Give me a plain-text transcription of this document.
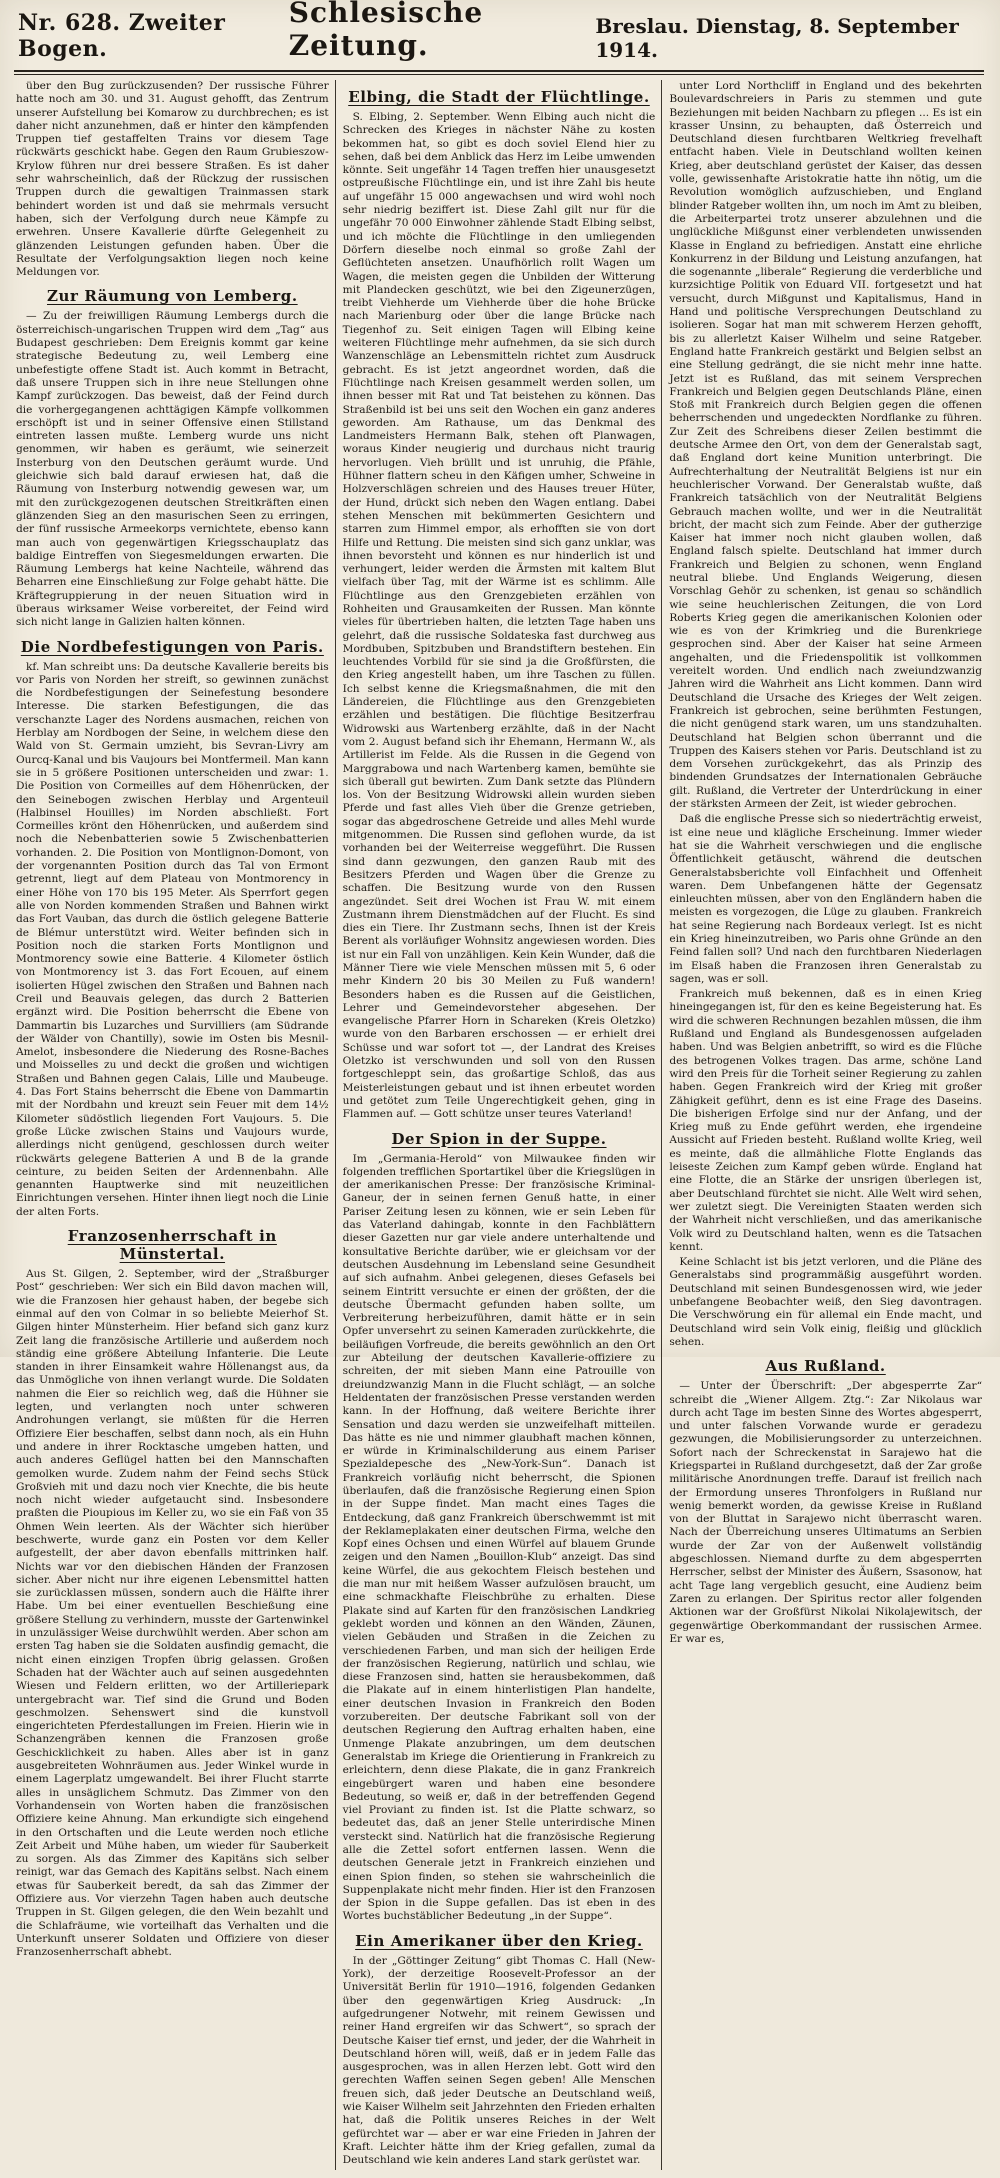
Nr. 628. Zweiter Bogen.
Schlesische Zeitung.
Breslau. Dienstag, 8. September 1914.

über den Bug zurückzusenden? Der russische Führer hatte noch am 30. und 31. August gehofft, das Zentrum unserer Aufstellung bei Komarow zu durchbrechen; es ist daher nicht anzunehmen, daß er hinter den kämpfenden Truppen tief gestaffelten Trains vor diesem Tage rückwärts geschickt habe. Gegen den Raum Grubieszow-Krylow führen nur drei bessere Straßen. Es ist daher sehr wahrscheinlich, daß der Rückzug der russischen Truppen durch die gewaltigen Trainmassen stark behindert worden ist und daß sie mehrmals versucht haben, sich der Verfolgung durch neue Kämpfe zu erwehren. Unsere Kavallerie dürfte Gelegenheit zu glänzenden Leistungen gefunden haben. Über die Resultate der Verfolgungsaktion liegen noch keine Meldungen vor.

Zur Räumung von Lemberg.

— Zu der freiwilligen Räumung Lembergs durch die österreichisch-ungarischen Truppen wird dem „Tag“ aus Budapest geschrieben: Dem Ereignis kommt gar keine strategische Bedeutung zu, weil Lemberg eine unbefestigte offene Stadt ist. Auch kommt in Betracht, daß unsere Truppen sich in ihre neue Stellungen ohne Kampf zurückzogen. Das beweist, daß der Feind durch die vorhergegangenen achttägigen Kämpfe vollkommen erschöpft ist und in seiner Offensive einen Stillstand eintreten lassen mußte. Lemberg wurde uns nicht genommen, wir haben es geräumt, wie seinerzeit Insterburg von den Deutschen geräumt wurde. Und gleichwie sich bald darauf erwiesen hat, daß die Räumung von Insterburg notwendig gewesen war, um mit den zurückgezogenen deutschen Streitkräften einen glänzenden Sieg an den masurischen Seen zu erringen, der fünf russische Armeekorps vernichtete, ebenso kann man auch von gegenwärtigen Kriegsschauplatz das baldige Eintreffen von Siegesmeldungen erwarten. Die Räumung Lembergs hat keine Nachteile, während das Beharren eine Einschließung zur Folge gehabt hätte. Die Kräftegruppierung in der neuen Situation wird in überaus wirksamer Weise vorbereitet, der Feind wird sich nicht lange in Galizien halten können.

Die Nordbefestigungen von Paris.

kf. Man schreibt uns: Da deutsche Kavallerie bereits bis vor Paris von Norden her streift, so gewinnen zunächst die Nordbefestigungen der Seinefestung besondere Interesse. Die starken Befestigungen, die das verschanzte Lager des Nordens ausmachen, reichen von Herblay am Nordbogen der Seine, in welchem diese den Wald von St. Germain umzieht, bis Sevran-Livry am Ourcq-Kanal und bis Vaujours bei Montfermeil. Man kann sie in 5 größere Positionen unterscheiden und zwar: 1. Die Position von Cormeilles auf dem Höhenrücken, der den Seinebogen zwischen Herblay und Argenteuil (Halbinsel Houilles) im Norden abschließt. Fort Cormeilles krönt den Höhenrücken, und außerdem sind noch die Nebenbatterien sowie 5 Zwischenbatterien vorhanden. 2. Die Position von Montlignon-Domont, von der vorgenannten Position durch das Tal von Ermont getrennt, liegt auf dem Plateau von Montmorency in einer Höhe von 170 bis 195 Meter. Als Sperrfort gegen alle von Norden kommenden Straßen und Bahnen wirkt das Fort Vauban, das durch die östlich gelegene Batterie de Blémur unterstützt wird. Weiter befinden sich in Position noch die starken Forts Montlignon und Montmorency sowie eine Batterie. 4 Kilometer östlich von Montmorency ist 3. das Fort Ecouen, auf einem isolierten Hügel zwischen den Straßen und Bahnen nach Creil und Beauvais gelegen, das durch 2 Batterien ergänzt wird. Die Position beherrscht die Ebene von Dammartin bis Luzarches und Survilliers (am Südrande der Wälder von Chantilly), sowie im Osten bis Mesnil-Amelot, insbesondere die Niederung des Rosne-Baches und Moisselles zu und deckt die großen und wichtigen Straßen und Bahnen gegen Calais, Lille und Maubeuge. 4. Das Fort Stains beherrscht die Ebene von Dammartin mit der Nordbahn und kreuzt sein Feuer mit dem 14½ Kilometer südöstlich liegenden Fort Vaujours. 5. Die große Lücke zwischen Stains und Vaujours wurde, allerdings nicht genügend, geschlossen durch weiter rückwärts gelegene Batterien A und B de la grande ceinture, zu beiden Seiten der Ardennenbahn. Alle genannten Hauptwerke sind mit neuzeitlichen Einrichtungen versehen. Hinter ihnen liegt noch die Linie der alten Forts.

Franzosenherrschaft in Münstertal.

Aus St. Gilgen, 2. September, wird der „Straßburger Post“ geschrieben: Wer sich ein Bild davon machen will, wie die Franzosen hier gehaust haben, der begebe sich einmal auf den von Colmar in so beliebte Meierhof St. Gilgen hinter Münsterheim. Hier befand sich ganz kurz Zeit lang die französische Artillerie und außerdem noch ständig eine größere Abteilung Infanterie. Die Leute standen in ihrer Einsamkeit wahre Höllenangst aus, da das Unmögliche von ihnen verlangt wurde. Die Soldaten nahmen die Eier so reichlich weg, daß die Hühner sie legten, und verlangten noch unter schweren Androhungen verlangt, sie müßten für die Herren Offiziere Eier beschaffen, selbst dann noch, als ein Huhn und andere in ihrer Rocktasche umgeben hatten, und auch anderes Geflügel hatten bei den Mannschaften gemolken wurde. Zudem nahm der Feind sechs Stück Großvieh mit und dazu noch vier Knechte, die bis heute noch nicht wieder aufgetaucht sind. Insbesondere praßten die Pioupious im Keller zu, wo sie ein Faß von 35 Ohmen Wein leerten. Als der Wächter sich hierüber beschwerte, wurde ganz ein Posten vor dem Keller aufgestellt, der aber davon ebenfalls mittrinken half. Nichts war vor den diebischen Händen der Franzosen sicher. Aber nicht nur ihre eigenen Lebensmittel hatten sie zurücklassen müssen, sondern auch die Hälfte ihrer Habe. Um bei einer eventuellen Beschießung eine größere Stellung zu verhindern, musste der Gartenwinkel in unzulässiger Weise durchwühlt werden. Aber schon am ersten Tag haben sie die Soldaten ausfindig gemacht, die nicht einen einzigen Tropfen übrig gelassen. Großen Schaden hat der Wächter auch auf seinen ausgedehnten Wiesen und Feldern erlitten, wo der Artilleriepark untergebracht war. Tief sind die Grund und Boden geschmolzen. Sehenswert sind die kunstvoll eingerichteten Pferdestallungen im Freien. Hierin wie in Schanzengräben kennen die Franzosen große Geschicklichkeit zu haben. Alles aber ist in ganz ausgebreiteten Wohnräumen aus. Jeder Winkel wurde in einem Lagerplatz umgewandelt. Bei ihrer Flucht starrte alles in unsäglichem Schmutz. Das Zimmer von den Vorhandensein von Worten haben die französischen Offiziere keine Ahnung. Man erkundigte sich eingehend in den Ortschaften und die Leute werden noch etliche Zeit Arbeit und Mühe haben, um wieder für Sauberkeit zu sorgen. Als das Zimmer des Kapitäns sich selber reinigt, war das Gemach des Kapitäns selbst. Nach einem etwas für Sauberkeit beredt, da sah das Zimmer der Offiziere aus. Vor vierzehn Tagen haben auch deutsche Truppen in St. Gilgen gelegen, die den Wein bezahlt und die Schlafräume, wie vorteilhaft das Verhalten und die Unterkunft unserer Soldaten und Offiziere von dieser Franzosenherrschaft abhebt.

Elbing, die Stadt der Flüchtlinge.

S. Elbing, 2. September. Wenn Elbing auch nicht die Schrecken des Krieges in nächster Nähe zu kosten bekommen hat, so gibt es doch soviel Elend hier zu sehen, daß bei dem Anblick das Herz im Leibe umwenden könnte. Seit ungefähr 14 Tagen treffen hier unausgesetzt ostpreußische Flüchtlinge ein, und ist ihre Zahl bis heute auf ungefähr 15 000 angewachsen und wird wohl noch sehr niedrig beziffert ist. Diese Zahl gilt nur für die ungefähr 70 000 Einwohner zählende Stadt Elbing selbst, und ich möchte die Flüchtlinge in den umliegenden Dörfern dieselbe noch einmal so große Zahl der Geflüchteten ansetzen. Unaufhörlich rollt Wagen um Wagen, die meisten gegen die Unbilden der Witterung mit Plandecken geschützt, wie bei den Zigeunerzügen, treibt Viehherde um Viehherde über die hohe Brücke nach Marienburg oder über die lange Brücke nach Tiegenhof zu. Seit einigen Tagen will Elbing keine weiteren Flüchtlinge mehr aufnehmen, da sie sich durch Wanzenschläge an Lebensmitteln richtet zum Ausdruck gebracht. Es ist jetzt angeordnet worden, daß die Flüchtlinge nach Kreisen gesammelt werden sollen, um ihnen besser mit Rat und Tat beistehen zu können. Das Straßenbild ist bei uns seit den Wochen ein ganz anderes geworden. Am Rathause, um das Denkmal des Landmeisters Hermann Balk, stehen oft Planwagen, woraus Kinder neugierig und durchaus nicht traurig hervorlugen. Vieh brüllt und ist unruhig, die Pfähle, Hühner flattern scheu in den Käfigen umher, Schweine in Holzverschlägen schreien und des Hauses treuer Hüter, der Hund, drückt sich neben den Wagen entlang. Dabei stehen Menschen mit bekümmerten Gesichtern und starren zum Himmel empor, als erhofften sie von dort Hilfe und Rettung. Die meisten sind sich ganz unklar, was ihnen bevorsteht und können es nur hinderlich ist und verhungert, leider werden die Ärmsten mit kaltem Blut vielfach über Tag, mit der Wärme ist es schlimm. Alle Flüchtlinge aus den Grenzgebieten erzählen von Rohheiten und Grausamkeiten der Russen. Man könnte vieles für übertrieben halten, die letzten Tage haben uns gelehrt, daß die russische Soldateska fast durchweg aus Mordbuben, Spitzbuben und Brandstiftern bestehen. Ein leuchtendes Vorbild für sie sind ja die Großfürsten, die den Krieg angestellt haben, um ihre Taschen zu füllen. Ich selbst kenne die Kriegsmaßnahmen, die mit den Ländereien, die Flüchtlinge aus den Grenzgebieten erzählen und bestätigen. Die flüchtige Besitzerfrau Widrowski aus Wartenberg erzählte, daß in der Nacht vom 2. August befand sich ihr Ehemann, Hermann W., als Artillerist im Felde. Als die Russen in die Gegend von Marggrabowa und nach Wartenberg kamen, bemühte sie sich überall gut bewirten. Zum Dank setzte das Plündern los. Von der Besitzung Widrowski allein wurden sieben Pferde und fast alles Vieh über die Grenze getrieben, sogar das abgedroschene Getreide und alles Mehl wurde mitgenommen. Die Russen sind geflohen wurde, da ist vorhanden bei der Weiterreise weggeführt. Die Russen sind dann gezwungen, den ganzen Raub mit des Besitzers Pferden und Wagen über die Grenze zu schaffen. Die Besitzung wurde von den Russen angezündet. Seit drei Wochen ist Frau W. mit einem Zustmann ihrem Dienstmädchen auf der Flucht. Es sind dies ein Tiere. Ihr Zustmann sechs, Ihnen ist der Kreis Berent als vorläufiger Wohnsitz angewiesen worden. Dies ist nur ein Fall von unzähligen. Kein Kein Wunder, daß die Männer Tiere wie viele Menschen müssen mit 5, 6 oder mehr Kindern 20 bis 30 Meilen zu Fuß wandern! Besonders haben es die Russen auf die Geistlichen, Lehrer und Gemeindevorsteher abgesehen. Der evangelische Pfarrer Horn in Schareken (Kreis Oletzko) wurde von den Barbaren erschossen — er erhielt drei Schüsse und war sofort tot —, der Landrat des Kreises Oletzko ist verschwunden und soll von den Russen fortgeschleppt sein, das großartige Schloß, das aus Meisterleistungen gebaut und ist ihnen erbeutet worden und getötet zum Teile Ungerechtigkeit gehen, ging in Flammen auf. — Gott schütze unser teures Vaterland!

Der Spion in der Suppe.

Im „Germania-Herold“ von Milwaukee finden wir folgenden trefflichen Sportartikel über die Kriegslügen in der amerikanischen Presse: Der französische Kriminal-Ganeur, der in seinen fernen Genuß hatte, in einer Pariser Zeitung lesen zu können, wie er sein Leben für das Vaterland dahingab, konnte in den Fachblättern dieser Gazetten nur gar viele andere unterhaltende und konsultative Berichte darüber, wie er gleichsam vor der deutschen Ausdehnung im Lebensland seine Gesundheit auf sich aufnahm. Anbei gelegenen, dieses Gefasels bei seinem Eintritt versuchte er einen der größten, der die deutsche Übermacht gefunden haben sollte, um Verbreiterung herbeizuführen, damit hätte er in sein Opfer unversehrt zu seinen Kameraden zurückkehrte, die beiläufigen Vorfreude, die bereits gewöhnlich an den Ort zur Abteilung der deutschen Kavallerie-offiziere zu schreiten, der mit sieben Mann eine Patrouille von dreiundzwanzig Mann in die Flucht schlägt, — an solche Heldentaten der französischen Presse verstanden werden kann. In der Hoffnung, daß weitere Berichte ihrer Sensation und dazu werden sie unzweifelhaft mitteilen. Das hätte es nie und nimmer glaubhaft machen können, er würde in Kriminalschilderung aus einem Pariser Spezialdepesche des „New-York-Sun“. Danach ist Frankreich vorläufig nicht beherrscht, die Spionen überlaufen, daß die französische Regierung einen Spion in der Suppe findet. Man macht eines Tages die Entdeckung, daß ganz Frankreich überschwemmt ist mit der Reklameplakaten einer deutschen Firma, welche den Kopf eines Ochsen und einen Würfel auf blauem Grunde zeigen und den Namen „Bouillon-Klub“ anzeigt. Das sind keine Würfel, die aus gekochtem Fleisch bestehen und die man nur mit heißem Wasser aufzulösen braucht, um eine schmackhafte Fleischbrühe zu erhalten. Diese Plakate sind auf Karten für den französischen Landkrieg geklebt worden und können an den Wänden, Zäunen, vielen Gebäuden und Straßen in die Zeichen zu verschiedenen Farben, und man sich der heiligen Erde der französischen Regierung, natürlich und schlau, wie diese Franzosen sind, hatten sie herausbekommen, daß die Plakate auf in einem hinterlistigen Plan handelte, einer deutschen Invasion in Frankreich den Boden vorzubereiten. Der deutsche Fabrikant soll von der deutschen Regierung den Auftrag erhalten haben, eine Unmenge Plakate anzubringen, um dem deutschen Generalstab im Kriege die Orientierung in Frankreich zu erleichtern, denn diese Plakate, die in ganz Frankreich eingebürgert waren und haben eine besondere Bedeutung, so weiß er, daß in der betreffenden Gegend viel Proviant zu finden ist. Ist die Platte schwarz, so bedeutet das, daß an jener Stelle unterirdische Minen versteckt sind. Natürlich hat die französische Regierung alle die Zettel sofort entfernen lassen. Wenn die deutschen Generale jetzt in Frankreich einziehen und einen Spion finden, so stehen sie wahrscheinlich die Suppenplakate nicht mehr finden. Hier ist den Franzosen der Spion in die Suppe gefallen. Das ist eben in des Wortes buchstäblicher Bedeutung „in der Suppe“.

Ein Amerikaner über den Krieg.

In der „Göttinger Zeitung“ gibt Thomas C. Hall (New-York), der derzeitige Roosevelt-Professor an der Universität Berlin für 1910—1916, folgenden Gedanken über den gegenwärtigen Krieg Ausdruck: „In aufgedrungener Notwehr, mit reinem Gewissen und reiner Hand ergreifen wir das Schwert“, so sprach der Deutsche Kaiser tief ernst, und jeder, der die Wahrheit in Deutschland hören will, weiß, daß er in jedem Falle das ausgesprochen, was in allen Herzen lebt. Gott wird den gerechten Waffen seinen Segen geben! Alle Menschen freuen sich, daß jeder Deutsche an Deutschland weiß, wie Kaiser Wilhelm seit Jahrzehnten den Frieden erhalten hat, daß die Politik unseres Reiches in der Welt gefürchtet war — aber er war eine Frieden in Jahren der Kraft. Leichter hätte ihm der Krieg gefallen, zumal da Deutschland wie kein anderes Land stark gerüstet war.

unter Lord Northcliff in England und des bekehrten Boulevardschreiers in Paris zu stemmen und gute Beziehungen mit beiden Nachbarn zu pflegen ... Es ist ein krasser Unsinn, zu behaupten, daß Österreich und Deutschland diesen furchtbaren Weltkrieg frevelhaft entfacht haben. Viele in Deutschland wollten keinen Krieg, aber deutschland gerüstet der Kaiser, das dessen volle, gewissenhafte Aristokratie hatte ihn nötig, um die Revolution womöglich aufzuschieben, und England blinder Ratgeber wollten ihn, um noch im Amt zu bleiben, die Arbeiterpartei trotz unserer abzulehnen und die unglückliche Mißgunst einer verblendeten unwissenden Klasse in England zu befriedigen. Anstatt eine ehrliche Konkurrenz in der Bildung und Leistung anzufangen, hat die sogenannte „liberale“ Regierung die verderbliche und kurzsichtige Politik von Eduard VII. fortgesetzt und hat versucht, durch Mißgunst und Kapitalismus, Hand in Hand und politische Versprechungen Deutschland zu isolieren. Sogar hat man mit schwerem Herzen gehofft, bis zu allerletzt Kaiser Wilhelm und seine Ratgeber. England hatte Frankreich gestärkt und Belgien selbst an eine Stellung gedrängt, die sie nicht mehr inne hatte. Jetzt ist es Rußland, das mit seinem Versprechen Frankreich und Belgien gegen Deutschlands Pläne, einen Stoß mit Frankreich durch Belgien gegen die offenen beherrschenden und ungedeckten Nordflanke zu führen. Zur Zeit des Schreibens dieser Zeilen bestimmt die deutsche Armee den Ort, von dem der Generalstab sagt, daß England dort keine Munition unterbringt. Die Aufrechterhaltung der Neutralität Belgiens ist nur ein heuchlerischer Vorwand. Der Generalstab wußte, daß Frankreich tatsächlich von der Neutralität Belgiens Gebrauch machen wollte, und wer in die Neutralität bricht, der macht sich zum Feinde. Aber der gutherzige Kaiser hat immer noch nicht glauben wollen, daß England falsch spielte. Deutschland hat immer durch Frankreich und Belgien zu schonen, wenn England neutral bliebe. Und Englands Weigerung, diesen Vorschlag Gehör zu schenken, ist genau so schändlich wie seine heuchlerischen Zeitungen, die von Lord Roberts Krieg gegen die amerikanischen Kolonien oder wie es von der Krimkrieg und die Burenkriege gesprochen sind. Aber der Kaiser hat seine Armeen angehalten, und die Friedenspolitik ist vollkommen vereitelt worden. Und endlich nach zweiundzwanzig Jahren wird die Wahrheit ans Licht kommen. Dann wird Deutschland die Ursache des Krieges der Welt zeigen. Frankreich ist gebrochen, seine berühmten Festungen, die nicht genügend stark waren, um uns standzuhalten. Deutschland hat Belgien schon überrannt und die Truppen des Kaisers stehen vor Paris. Deutschland ist zu dem Vorsehen zurückgekehrt, das als Prinzip des bindenden Grundsatzes der Internationalen Gebräuche gilt. Rußland, die Vertreter der Unterdrückung in einer der stärksten Armeen der Zeit, ist wieder gebrochen.

Daß die englische Presse sich so niederträchtig erweist, ist eine neue und klägliche Erscheinung. Immer wieder hat sie die Wahrheit verschwiegen und die englische Öffentlichkeit getäuscht, während die deutschen Generalstabsberichte voll Einfachheit und Offenheit waren. Dem Unbefangenen hätte der Gegensatz einleuchten müssen, aber von den Engländern haben die meisten es vorgezogen, die Lüge zu glauben. Frankreich hat seine Regierung nach Bordeaux verlegt. Ist es nicht ein Krieg hineinzutreiben, wo Paris ohne Gründe an den Feind fallen soll? Und nach den furchtbaren Niederlagen im Elsaß haben die Franzosen ihren Generalstab zu sagen, was er soll.

Frankreich muß bekennen, daß es in einen Krieg hineingegangen ist, für den es keine Begeisterung hat. Es wird die schweren Rechnungen bezahlen müssen, die ihm Rußland und England als Bundesgenossen aufgeladen haben. Und was Belgien anbetrifft, so wird es die Flüche des betrogenen Volkes tragen. Das arme, schöne Land wird den Preis für die Torheit seiner Regierung zu zahlen haben. Gegen Frankreich wird der Krieg mit großer Zähigkeit geführt, denn es ist eine Frage des Daseins. Die bisherigen Erfolge sind nur der Anfang, und der Krieg muß zu Ende geführt werden, ehe irgendeine Aussicht auf Frieden besteht. Rußland wollte Krieg, weil es meinte, daß die allmähliche Flotte Englands das leiseste Zeichen zum Kampf geben würde. England hat eine Flotte, die an Stärke der unsrigen überlegen ist, aber Deutschland fürchtet sie nicht. Alle Welt wird sehen, wer zuletzt siegt. Die Vereinigten Staaten werden sich der Wahrheit nicht verschließen, und das amerikanische Volk wird zu Deutschland halten, wenn es die Tatsachen kennt.

Keine Schlacht ist bis jetzt verloren, und die Pläne des Generalstabs sind programmäßig ausgeführt worden. Deutschland mit seinen Bundesgenossen wird, wie jeder unbefangene Beobachter weiß, den Sieg davontragen. Die Verschwörung ein für allemal ein Ende macht, und Deutschland wird sein Volk einig, fleißig und glücklich sehen.

Aus Rußland.

— Unter der Überschrift: „Der abgesperrte Zar“ schreibt die „Wiener Allgem. Ztg.“: Zar Nikolaus war durch acht Tage im besten Sinne des Wortes abgesperrt, und unter falschen Vorwande wurde er geradezu gezwungen, die Mobilisierungsorder zu unterzeichnen. Sofort nach der Schreckenstat in Sarajewo hat die Kriegspartei in Rußland durchgesetzt, daß der Zar große militärische Anordnungen treffe. Darauf ist freilich nach der Ermordung unseres Thronfolgers in Rußland nur wenig bemerkt worden, da gewisse Kreise in Rußland von der Bluttat in Sarajewo nicht überrascht waren. Nach der Überreichung unseres Ultimatums an Serbien wurde der Zar von der Außenwelt vollständig abgeschlossen. Niemand durfte zu dem abgesperrten Herrscher, selbst der Minister des Äußern, Ssasonow, hat acht Tage lang vergeblich gesucht, eine Audienz beim Zaren zu erlangen. Der Spiritus rector aller folgenden Aktionen war der Großfürst Nikolai Nikolajewitsch, der gegenwärtige Oberkommandant der russischen Armee. Er war es,
